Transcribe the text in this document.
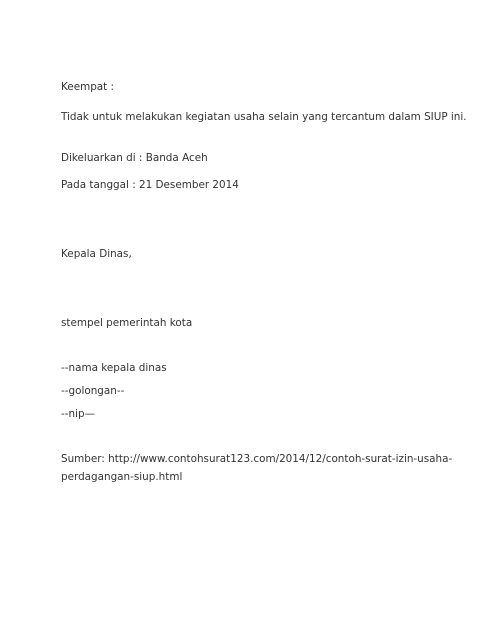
Keempat :

Tidak untuk melakukan kegiatan usaha selain yang tercantum dalam SIUP ini.

Dikeluarkan di : Banda Aceh

Pada tanggal : 21 Desember 2014

Kepala Dinas,

stempel pemerintah kota

--nama kepala dinas

--golongan--

--nip—

Sumber: http://www.contohsurat123.com/2014/12/contoh-surat-izin-usaha-

perdagangan-siup.html
